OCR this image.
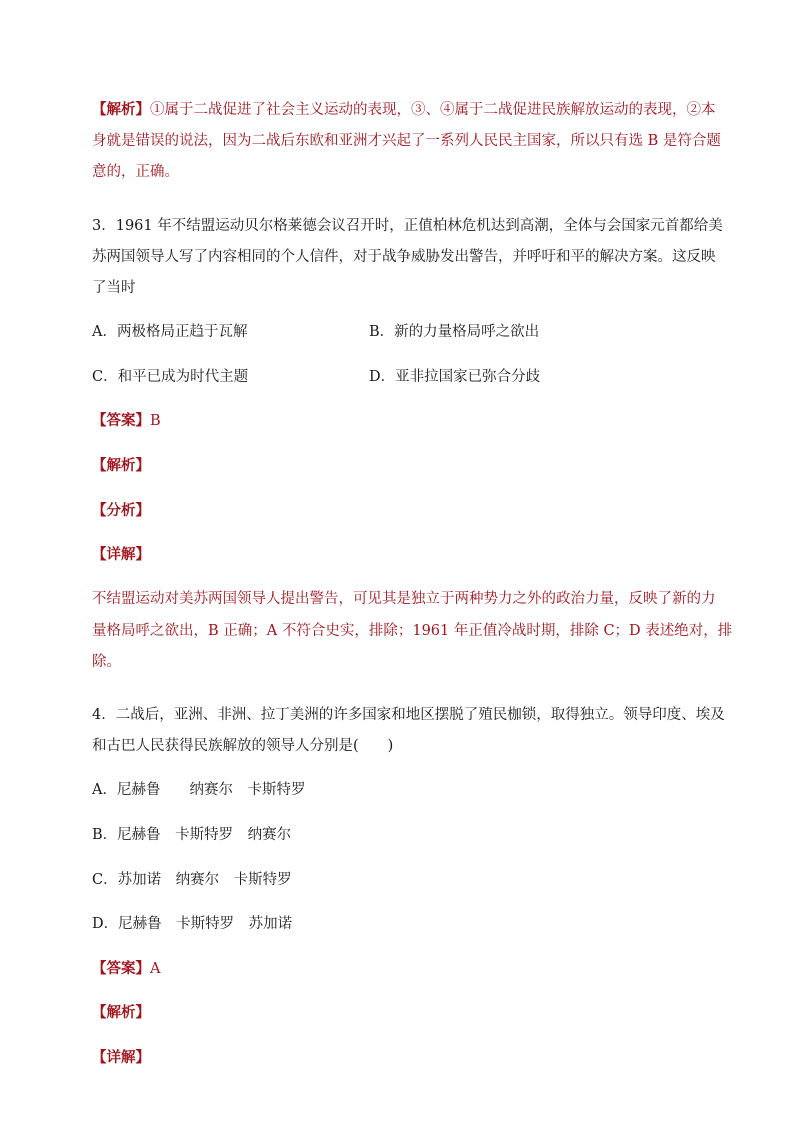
【解析】①属于二战促进了社会主义运动的表现，③、④属于二战促进民族解放运动的表现，②本
身就是错误的说法，因为二战后东欧和亚洲才兴起了一系列人民民主国家，所以只有选 B 是符合题
意的，正确。
3．1961 年不结盟运动贝尔格莱德会议召开时，正值柏林危机达到高潮，全体与会国家元首都给美
苏两国领导人写了内容相同的个人信件，对于战争威胁发出警告，并呼吁和平的解决方案。这反映
了当时
A．两极格局正趋于瓦解	B．新的力量格局呼之欲出
C．和平已成为时代主题	D．亚非拉国家已弥合分歧
【答案】B
【解析】
【分析】
【详解】
不结盟运动对美苏两国领导人提出警告，可见其是独立于两种势力之外的政治力量，反映了新的力
量格局呼之欲出，B 正确；A 不符合史实，排除；1961 年正值冷战时期，排除 C；D 表述绝对，排
除。
4．二战后，亚洲、非洲、拉丁美洲的许多国家和地区摆脱了殖民枷锁，取得独立。领导印度、埃及
和古巴人民获得民族解放的领导人分别是(　　)
A．尼赫鲁　　纳赛尔　卡斯特罗
B．尼赫鲁　卡斯特罗　纳赛尔
C．苏加诺　纳赛尔　卡斯特罗
D．尼赫鲁　卡斯特罗　苏加诺
【答案】A
【解析】
【详解】
